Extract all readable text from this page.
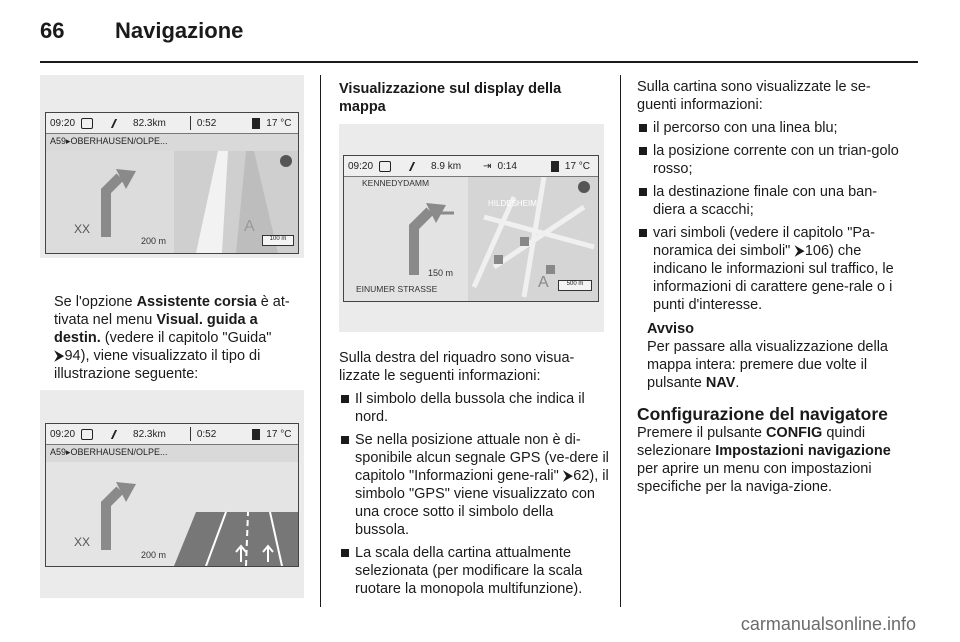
66 Navigazione
09:20	82.3km	0:52	17 °C
A59▸OBERHAUSEN/OLPE...
XX	A
200 m	100 m
Se l'opzione Assistente corsia è at-tivata nel menu Visual. guida a destin. (vedere il capitolo "Guida" ⮞94), viene visualizzato il tipo di illustrazione seguente:
09:20	82.3km	0:52	17 °C
A59▸OBERHAUSEN/OLPE...
XX
200 m
Visualizzazione sul display della mappa
09:20	8.9 km ⇥ 0:14	17 °C
A
KENNEDYDAMM
HILDESHEIM
150 m
EINUMER STRASSE	500 m
Sulla destra del riquadro sono visua-lizzate le seguenti informazioni:
Il simbolo della bussola che indica il nord.
Se nella posizione attuale non è di-sponibile alcun segnale GPS (ve-dere il capitolo "Informazioni gene-rali" ⮞62), il simbolo "GPS" viene visualizzato con una croce sotto il simbolo della bussola.
La scala della cartina attualmente selezionata (per modificare la scala ruotare la monopola multifunzione).
Sulla cartina sono visualizzate le se-guenti informazioni:
il percorso con una linea blu;
la posizione corrente con un trian-golo rosso;
la destinazione finale con una ban-diera a scacchi;
vari simboli (vedere il capitolo "Pa-noramica dei simboli" ⮞106) che indicano le informazioni sul traffico, le informazioni di carattere gene-rale o i punti d'interesse.
Avviso
Per passare alla visualizzazione della mappa intera: premere due volte il pulsante NAV.
Configurazione del navigatore
Premere il pulsante CONFIG quindi selezionare Impostazioni navigazione per aprire un menu con impostazioni specifiche per la naviga-zione.
carmanualsonline.info
